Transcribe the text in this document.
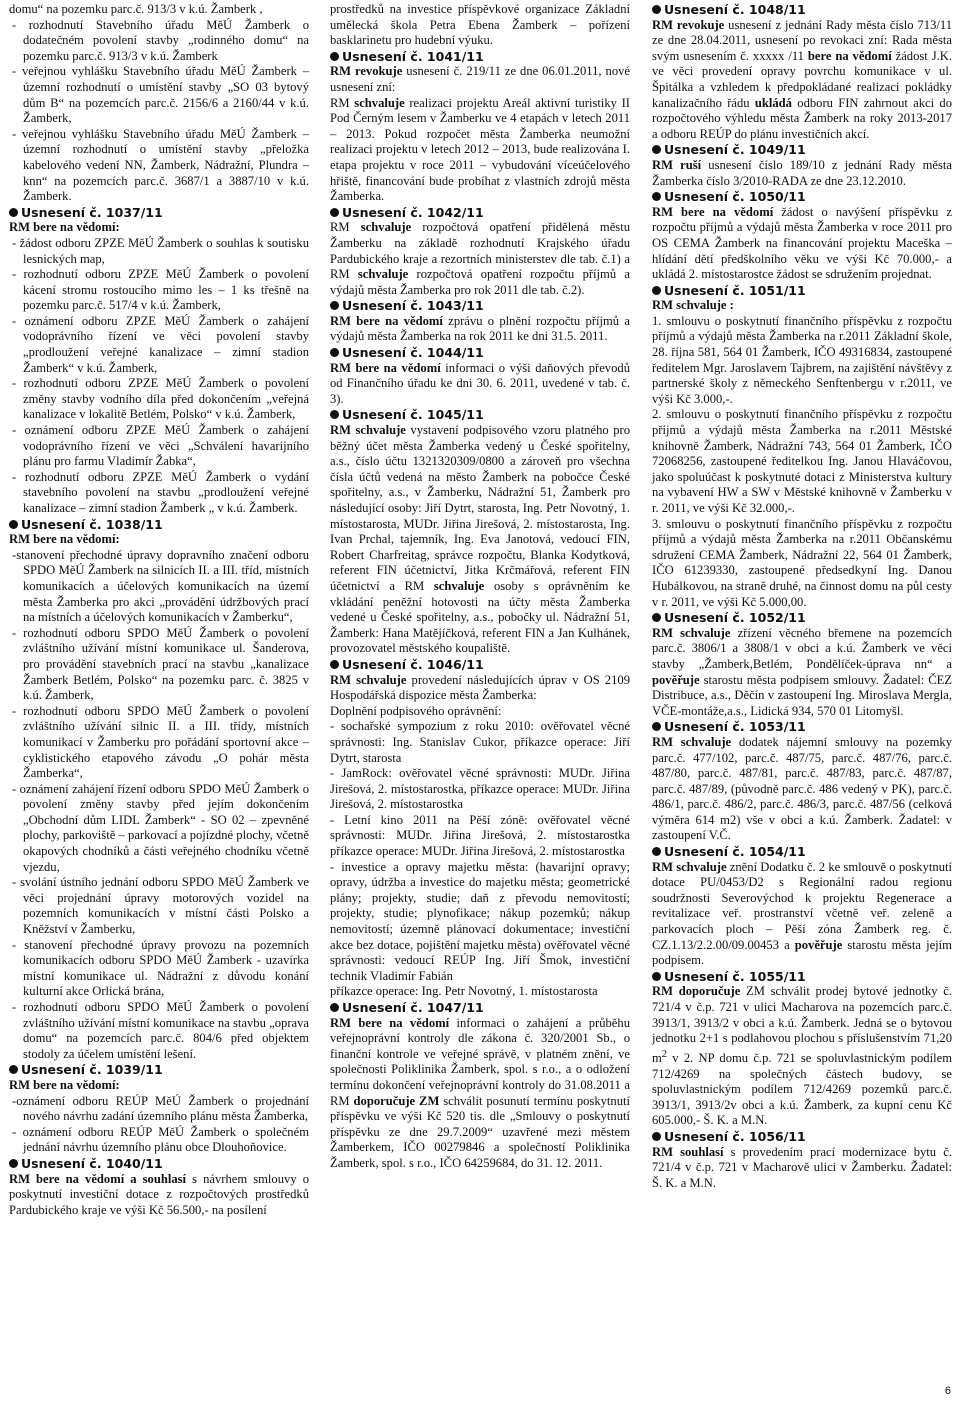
domu“ na pozemku parc.č. 913/3 v k.ú. Žamberk ,

- rozhodnutí Stavebního úřadu MěÚ Žamberk o dodatečném povolení stavby „rodinného domu“ na pozemku parc.č. 913/3 v k.ú. Žamberk

- veřejnou vyhlášku Stavebního úřadu MěÚ Žamberk – územní rozhodnutí o umístění stavby „SO 03 bytový dům B“ na pozemcích parc.č. 2156/6 a 2160/44 v k.ú. Žamberk,

- veřejnou vyhlášku Stavebního úřadu MěÚ Žamberk – územní rozhodnutí o umístění stavby „přeložka kabelového vedení NN, Žamberk, Nádražní, Plundra – knn“ na pozemcích parc.č. 3687/1 a 3887/10 v k.ú. Žamberk.

Usnesení č. 1037/11

RM bere na vědomí:

- žádost odboru ZPZE MěÚ Žamberk o souhlas k soutisku lesnických map,

- rozhodnutí odboru ZPZE MěÚ Žamberk o povolení kácení stromu rostoucího mimo les – 1 ks třešně na pozemku parc.č. 517/4 v k.ú. Žamberk,

- oznámení odboru ZPZE MěÚ Žamberk o zahájení vodoprávního řízení ve věci povolení stavby „prodloužení veřejné kanalizace – zimní stadion Žamberk“ v k.ú. Žamberk,

- rozhodnutí odboru ZPZE MěÚ Žamberk o povolení změny stavby vodního díla před dokončením „veřejná kanalizace v lokalitě Betlém, Polsko“ v k.ú. Žamberk,

- oznámení odboru ZPZE MěÚ Žamberk o zahájení vodoprávního řízení ve věci „Schválení havarijního plánu pro farmu Vladimír Žabka“,

- rozhodnutí odboru ZPZE MěÚ Žamberk o vydání stavebního povolení na stavbu „prodloužení veřejné kanalizace – zimní stadion Žamberk „ v k.ú. Žamberk.

Usnesení č. 1038/11

RM bere na vědomí:

-stanovení přechodné úpravy dopravního značení odboru SPDO MěÚ Žamberk na silnicích II. a III. tříd, místních komunikacích a účelových komunikacích na území města Žamberka pro akci „provádění údržbových prací na místních a účelových komunikacích v Žamberku“,

- rozhodnutí odboru SPDO MěÚ Žamberk o povolení zvláštního užívání místní komunikace ul. Šanderova, pro provádění stavebních prací na stavbu „kanalizace Žamberk Betlém, Polsko“ na pozemku parc. č. 3825 v k.ú. Žamberk,

- rozhodnutí odboru SPDO MěÚ Žamberk o povolení zvláštního užívání silnic II. a III. třídy, místních komunikací v Žamberku pro pořádání sportovní akce – cyklistického etapového závodu „O pohár města Žamberka“,

- oznámení zahájení řízení odboru SPDO MěÚ Žamberk o povolení změny stavby před jejím dokončením „Obchodní dům LIDL Žamberk“ - SO 02 – zpevněné plochy, parkoviště – parkovací a pojízdné plochy, včetně okapových chodníků a části veřejného chodníku včetně vjezdu,

- svolání ústního jednání odboru SPDO MěÚ Žamberk ve věci projednání úpravy motorových vozidel na pozemních komunikacích v místní části Polsko a Kněžství v Žamberku,

- stanovení přechodné úpravy provozu na pozemních komunikacích odboru SPDO MěÚ Žamberk - uzavírka místní komunikace ul. Nádražní z důvodu konání kulturní akce Orlická brána,

- rozhodnutí odboru SPDO MěÚ Žamberk o povolení zvláštního užívání místní komunikace na stavbu „oprava domu“ na pozemcích parc.č. 804/6 před objektem stodoly za účelem umístění lešení.

Usnesení č. 1039/11

RM bere na vědomí:

-oznámení odboru REÚP MěÚ Žamberk o projednání nového návrhu zadání územního plánu města Žamberka,

- oznámení odboru REÚP MěÚ Žamberk o společném jednání návrhu územního plánu obce Dlouhoňovice.

Usnesení č. 1040/11

RM bere na vědomí a souhlasí s návrhem smlouvy o poskytnutí investiční dotace z rozpočtových prostředků Pardubického kraje ve výši Kč 56.500,- na posílení

prostředků na investice příspěvkové organizace Základní umělecká škola Petra Ebena Žamberk – pořízení basklarinetu pro hudební výuku.

Usnesení č. 1041/11

RM revokuje usnesení č. 219/11 ze dne 06.01.2011, nové usnesení zní:

RM schvaluje realizaci projektu Areál aktivní turistiky II Pod Černým lesem v Žamberku ve 4 etapách v letech 2011 – 2013. Pokud rozpočet města Žamberka neumožní realizaci projektu v letech 2012 – 2013, bude realizována I. etapa projektu v roce 2011 – vybudování víceúčelového hřiště, financování bude probíhat z vlastních zdrojů města Žamberka.

Usnesení č. 1042/11

RM schvaluje rozpočtová opatření přidělená městu Žamberku na základě rozhodnutí Krajského úřadu Pardubického kraje a rezortních ministerstev dle tab. č.1) a RM schvaluje rozpočtová opatření rozpočtu příjmů a výdajů města Žamberka pro rok 2011 dle tab. č.2).

Usnesení č. 1043/11

RM bere na vědomí zprávu o plnění rozpočtu příjmů a výdajů města Žamberka na rok 2011 ke dni 31.5. 2011.

Usnesení č. 1044/11

RM bere na vědomí informaci o výši daňových převodů od Finančního úřadu ke dni 30. 6. 2011, uvedené v tab. č. 3).

Usnesení č. 1045/11

RM schvaluje vystavení podpisového vzoru platného pro běžný účet města Žamberka vedený u České spořitelny, a.s., číslo účtu 1321320309/0800 a zároveň pro všechna čísla účtů vedená na město Žamberk na pobočce České spořitelny, a.s., v Žamberku, Nádražní 51, Žamberk pro následující osoby: Jiří Dytrt, starosta, Ing. Petr Novotný, 1. místostarosta, MUDr. Jiřina Jirešová, 2. místostarosta, Ing. Ivan Prchal, tajemník, Ing. Eva Janotová, vedoucí FIN, Robert Charfreitag, správce rozpočtu, Blanka Kodytková, referent FIN účetnictví, Jitka Krčmářová, referent FIN účetnictví a RM schvaluje osoby s oprávněním ke vkládání peněžní hotovosti na účty města Žamberka vedené u České spořitelny, a.s., pobočky ul. Nádražní 51, Žamberk: Hana Matějíčková, referent FIN a Jan Kulhánek, provozovatel městského koupaliště.

Usnesení č. 1046/11

RM schvaluje provedení následujících úprav v OS 2109 Hospodářská dispozice města Žamberka:

Doplnění podpisového oprávnění:

- sochařské sympozium z roku 2010: ověřovatel věcné správnosti: Ing. Stanislav Cukor, příkazce operace: Jiří Dytrt, starosta

- JamRock: ověřovatel věcné správnosti: MUDr. Jiřina Jirešová, 2. místostarostka, příkazce operace: MUDr. Jiřina Jirešová, 2. místostarostka

- Letní kino 2011 na Pěší zóně: ověřovatel věcné správnosti: MUDr. Jiřina Jirešová, 2. místostarostka příkazce operace: MUDr. Jiřina Jirešová, 2. místostarostka

- investice a opravy majetku města: (havarijní opravy; opravy, údržba a investice do majetku města; geometrické plány; projekty, studie; daň z převodu nemovitostí; projekty, studie; plynofikace; nákup pozemků; nákup nemovitostí; územně plánovací dokumentace; investiční akce bez dotace, pojištění majetku města) ověřovatel věcné správnosti: vedoucí REÚP Ing. Jiří Šmok, investiční technik Vladimír Fabián

příkazce operace: Ing. Petr Novotný, 1. místostarosta

Usnesení č. 1047/11

RM bere na vědomí informaci o zahájení a průběhu veřejnoprávní kontroly dle zákona č. 320/2001 Sb., o finanční kontrole ve veřejné správě, v platném znění, ve společnosti Poliklinika Žamberk, spol. s r.o., a o odložení termínu dokončení veřejnoprávní kontroly do 31.08.2011 a RM doporučuje ZM schválit posunutí termínu poskytnutí příspěvku ve výši Kč 520 tis. dle „Smlouvy o poskytnutí příspěvku ze dne 29.7.2009“ uzavřené mezi městem Žamberkem, IČO 00279846 a společností Poliklinika Žamberk, spol. s r.o., IČO 64259684, do 31. 12. 2011.

Usnesení č. 1048/11

RM revokuje usnesení z jednání Rady města číslo 713/11 ze dne 28.04.2011, usnesení po revokaci zní: Rada města svým usnesením č. xxxxx /11 bere na vědomí žádost J.K. ve věci provedení opravy povrchu komunikace v ul. Špitálka a vzhledem k předpokládané realizaci pokládky kanalizačního řádu ukládá odboru FIN zahrnout akci do rozpočtového výhledu města Žamberk na roky 2013-2017 a odboru REÚP do plánu investičních akcí.

Usnesení č. 1049/11

RM ruší usnesení číslo 189/10 z jednání Rady města Žamberka číslo 3/2010-RADA ze dne 23.12.2010.

Usnesení č. 1050/11

RM bere na vědomí žádost o navýšení příspěvku z rozpočtu příjmů a výdajů města Žamberka v roce 2011 pro OS CEMA Žamberk na financování projektu Maceška – hlídání dětí předškolního věku ve výši Kč 70.000,- a ukládá 2. místostarostce žádost se sdružením projednat.

Usnesení č. 1051/11

RM schvaluje :

1. smlouvu o poskytnutí finančního příspěvku z rozpočtu příjmů a výdajů města Žamberka na r.2011 Základní škole, 28. října 581, 564 01 Žamberk, IČO 49316834, zastoupené ředitelem Mgr. Jaroslavem Tajbrem, na zajištění návštěvy z partnerské školy z německého Senftenbergu v r.2011, ve výši Kč 3.000,-.

2. smlouvu o poskytnutí finančního příspěvku z rozpočtu příjmů a výdajů města Žamberka na r.2011 Městské knihovně Žamberk, Nádražní 743, 564 01 Žamberk, IČO 72068256, zastoupené ředitelkou Ing. Janou Hlaváčovou, jako spoluúčast k poskytnuté dotaci z Ministerstva kultury na vybavení HW a SW v Městské knihovně v Žamberku v r. 2011, ve výši Kč 32.000,-.

3. smlouvu o poskytnutí finančního příspěvku z rozpočtu příjmů a výdajů města Žamberka na r.2011 Občanskému sdružení CEMA Žamberk, Nádražní 22, 564 01 Žamberk, IČO 61239330, zastoupené předsedkyní Ing. Danou Hubálkovou, na straně druhé, na činnost domu na půl cesty v r. 2011, ve výši Kč 5.000,00.

Usnesení č. 1052/11

RM schvaluje zřízení věcného břemene na pozemcích parc.č. 3806/1 a 3808/1 v obci a k.ú. Žamberk ve věci stavby „Žamberk,Betlém, Pondělíček-úprava nn“ a pověřuje starostu města podpisem smlouvy. Žadatel: ČEZ Distribuce, a.s., Děčín v zastoupení Ing. Miroslava Mergla, VČE-montáže,a.s., Lidická 934, 570 01 Litomyšl.

Usnesení č. 1053/11

RM schvaluje dodatek nájemní smlouvy na pozemky parc.č. 477/102, parc.č. 487/75, parc.č. 487/76, parc.č. 487/80, parc.č. 487/81, parc.č. 487/83, parc.č. 487/87, parc.č. 487/89, (původně parc.č. 486 vedený v PK), parc.č. 486/1, parc.č. 486/2, parc.č. 486/3, parc.č. 487/56 (celková výměra 614 m2) vše v obci a k.ú. Žamberk. Žadatel: v zastoupení V.Č.

Usnesení č. 1054/11

RM schvaluje znění Dodatku č. 2 ke smlouvě o poskytnutí dotace PU/0453/D2 s Regionální radou regionu soudržnosti Severovýchod k projektu Regenerace a revitalizace veř. prostranství včetně veř. zeleně a parkovacích ploch – Pěší zóna Žamberk reg. č. CZ.1.13/2.2.00/09.00453 a pověřuje starostu města jejím podpisem.

Usnesení č. 1055/11

RM doporučuje ZM schválit prodej bytové jednotky č. 721/4 v č.p. 721 v ulici Macharova na pozemcích parc.č. 3913/1, 3913/2 v obci a k.ú. Žamberk. Jedná se o bytovou jednotku 2+1 s podlahovou plochou s příslušenstvím 71,20 $m^2$ v 2. NP domu č.p. 721 se spoluvlastnickým podílem 712/4269 na společných částech budovy, se spoluvlastnickým podílem 712/4269 pozemků parc.č. 3913/1, 3913/2v obci a k.ú. Žamberk, za kupní cenu Kč 605.000,- Š. K. a M.N.

Usnesení č. 1056/11

RM souhlasí s provedením prací modernizace bytu č. 721/4 v č.p. 721 v Macharově ulici v Žamberku. Žadatel: Š. K. a M.N.

6
